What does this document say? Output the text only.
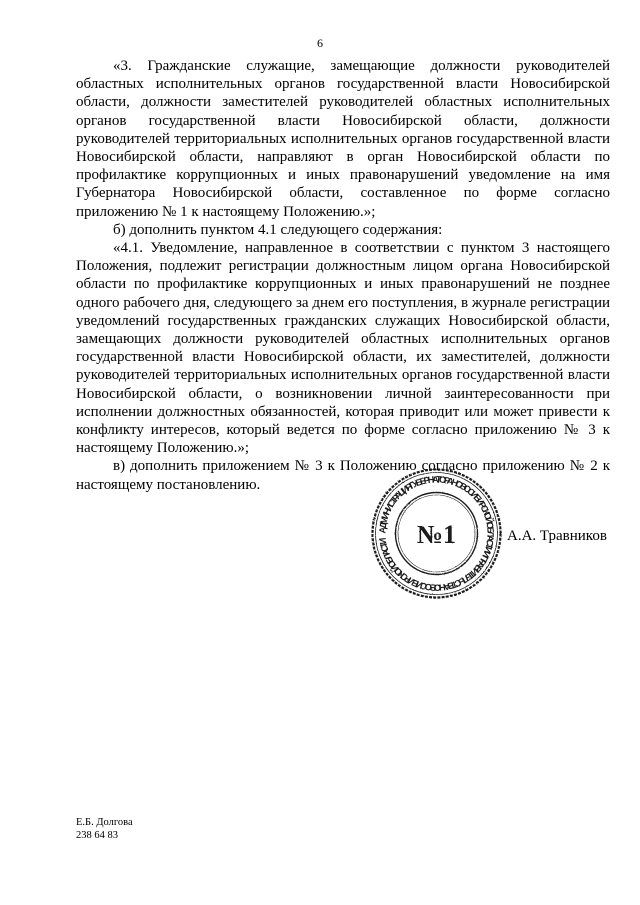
6

«3. Гражданские служащие, замещающие должности руководителей областных исполнительных органов государственной власти Новосибирской области, должности заместителей руководителей областных исполнительных органов государственной власти Новосибирской области, должности руководителей территориальных исполнительных органов государственной власти Новосибирской области, направляют в орган Новосибирской области по профилактике коррупционных и иных правонарушений уведомление на имя Губернатора Новосибирской области, составленное по форме согласно приложению № 1 к настоящему Положению.»;

б) дополнить пунктом 4.1 следующего содержания:

«4.1. Уведомление, направленное в соответствии с пунктом 3 настоящего Положения, подлежит регистрации должностным лицом органа Новосибирской области по профилактике коррупционных и иных правонарушений не позднее одного рабочего дня, следующего за днем его поступления, в журнале регистрации уведомлений государственных гражданских служащих Новосибирской области, замещающих должности руководителей областных исполнительных органов государственной власти Новосибирской области, их заместителей, должности руководителей территориальных исполнительных органов государственной власти Новосибирской области, о возникновении личной заинтересованности при исполнении должностных обязанностей, которая приводит или может привести к конфликту интересов, который ведется по форме согласно приложению № 3 к настоящему Положению.»;

в) дополнить приложением № 3 к Положению согласно приложению № 2 к настоящему постановлению.

АДМИНИСТРАЦИЯ ГУБЕРНАТОРА НОВОСИБИРСКОЙ ОБЛАСТИ И ПРАВИТЕЛЬСТВА НОВОСИБИРСКОЙ ОБЛАСТИ	№1	А.А. Травников
Е.Б. Долгова
238 64 83
